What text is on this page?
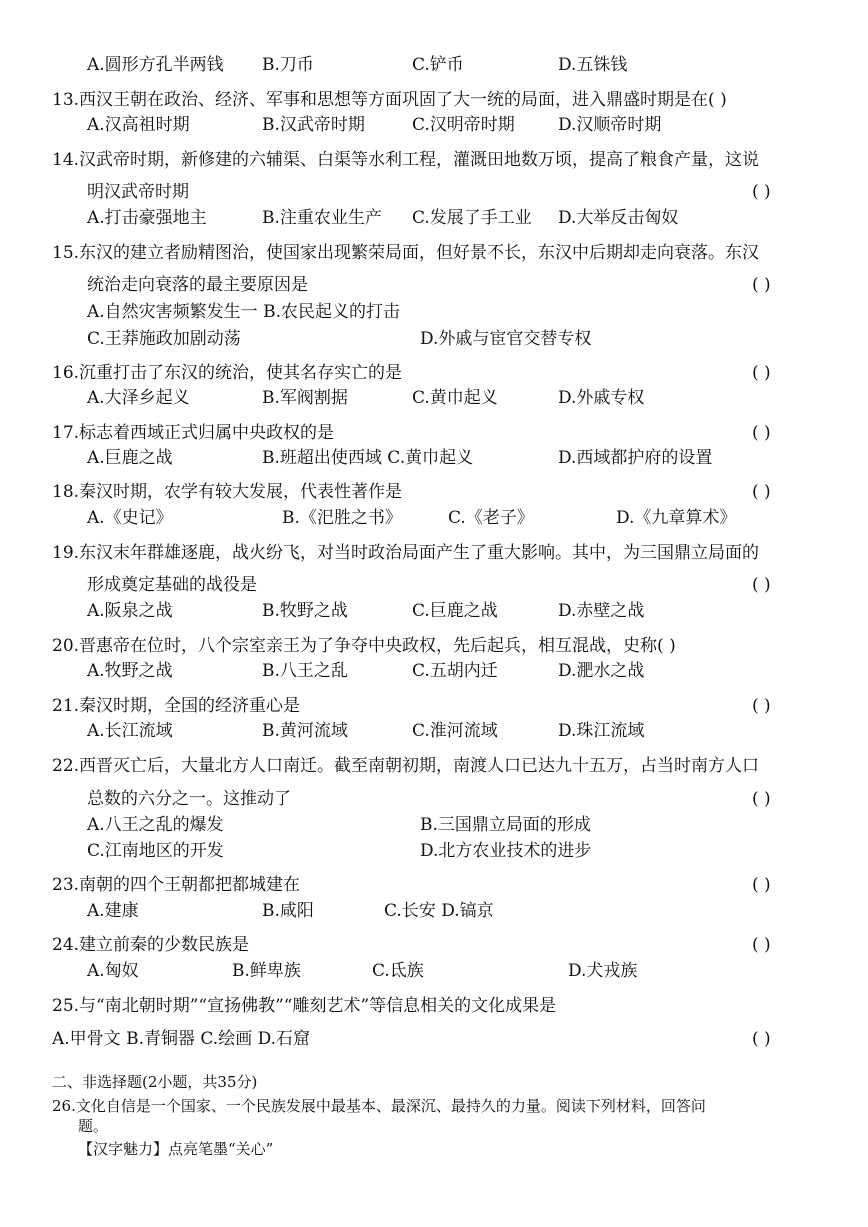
A.圆形方孔半两钱 B.刀币	C.铲币	D.五铢钱
13.西汉王朝在政治、经济、军事和思想等方面巩固了大一统的局面，进入鼎盛时期是在( )
A.汉高祖时期	B.汉武帝时期	C.汉明帝时期	D.汉顺帝时期
14.汉武帝时期，新修建的六辅渠、白渠等水利工程，灌溉田地数万顷，提高了粮食产量，这说
明汉武帝时期	( )
A.打击豪强地主	B.注重农业生产 C.发展了手工业 D.大举反击匈奴
15.东汉的建立者励精图治，使国家出现繁荣局面，但好景不长，东汉中后期却走向衰落。东汉
统治走向衰落的最主要原因是	( )
A.自然灾害频繁发生一 B.农民起义的打击
C.王莽施政加剧动荡	D.外戚与宦官交替专权
16.沉重打击了东汉的统治，使其名存实亡的是	( )
A.大泽乡起义	B.军阀割据	C.黄巾起义	D.外戚专权
17.标志着西域正式归属中央政权的是	( )
A.巨鹿之战	B.班超出使西域 C.黄巾起义	D.西域都护府的设置
18.秦汉时期，农学有较大发展，代表性著作是	( )
A.《史记》	B.《汜胜之书》	C.《老子》	D.《九章算术》
19.东汉末年群雄逐鹿，战火纷飞，对当时政治局面产生了重大影响。其中，为三国鼎立局面的
形成奠定基础的战役是	( )
A.阪泉之战	B.牧野之战	C.巨鹿之战	D.赤壁之战
20.晋惠帝在位时，八个宗室亲王为了争夺中央政权，先后起兵，相互混战，史称( )
A.牧野之战	B.八王之乱	C.五胡内迁	D.淝水之战
21.秦汉时期，全国的经济重心是	( )
A.长江流域	B.黄河流域	C.淮河流域	D.珠江流域
22.西晋灭亡后，大量北方人口南迁。截至南朝初期，南渡人口已达九十五万，占当时南方人口
总数的六分之一。这推动了	( )
A.八王之乱的爆发	B.三国鼎立局面的形成
C.江南地区的开发	D.北方农业技术的进步
23.南朝的四个王朝都把都城建在	( )
A.建康	B.咸阳	C.长安 D.镐京
24.建立前秦的少数民族是	( )
A.匈奴	B.鲜卑族	C.氐族	D.犬戎族
25.与“南北朝时期”“宣扬佛教”“雕刻艺术”等信息相关的文化成果是
A.甲骨文 B.青铜器 C.绘画 D.石窟	( )
二、非选择题(2小题，共35分)
26.文化自信是一个国家、一个民族发展中最基本、最深沉、最持久的力量。阅读下列材料，回答问
题。
【汉字魅力】点亮笔墨“关心”
